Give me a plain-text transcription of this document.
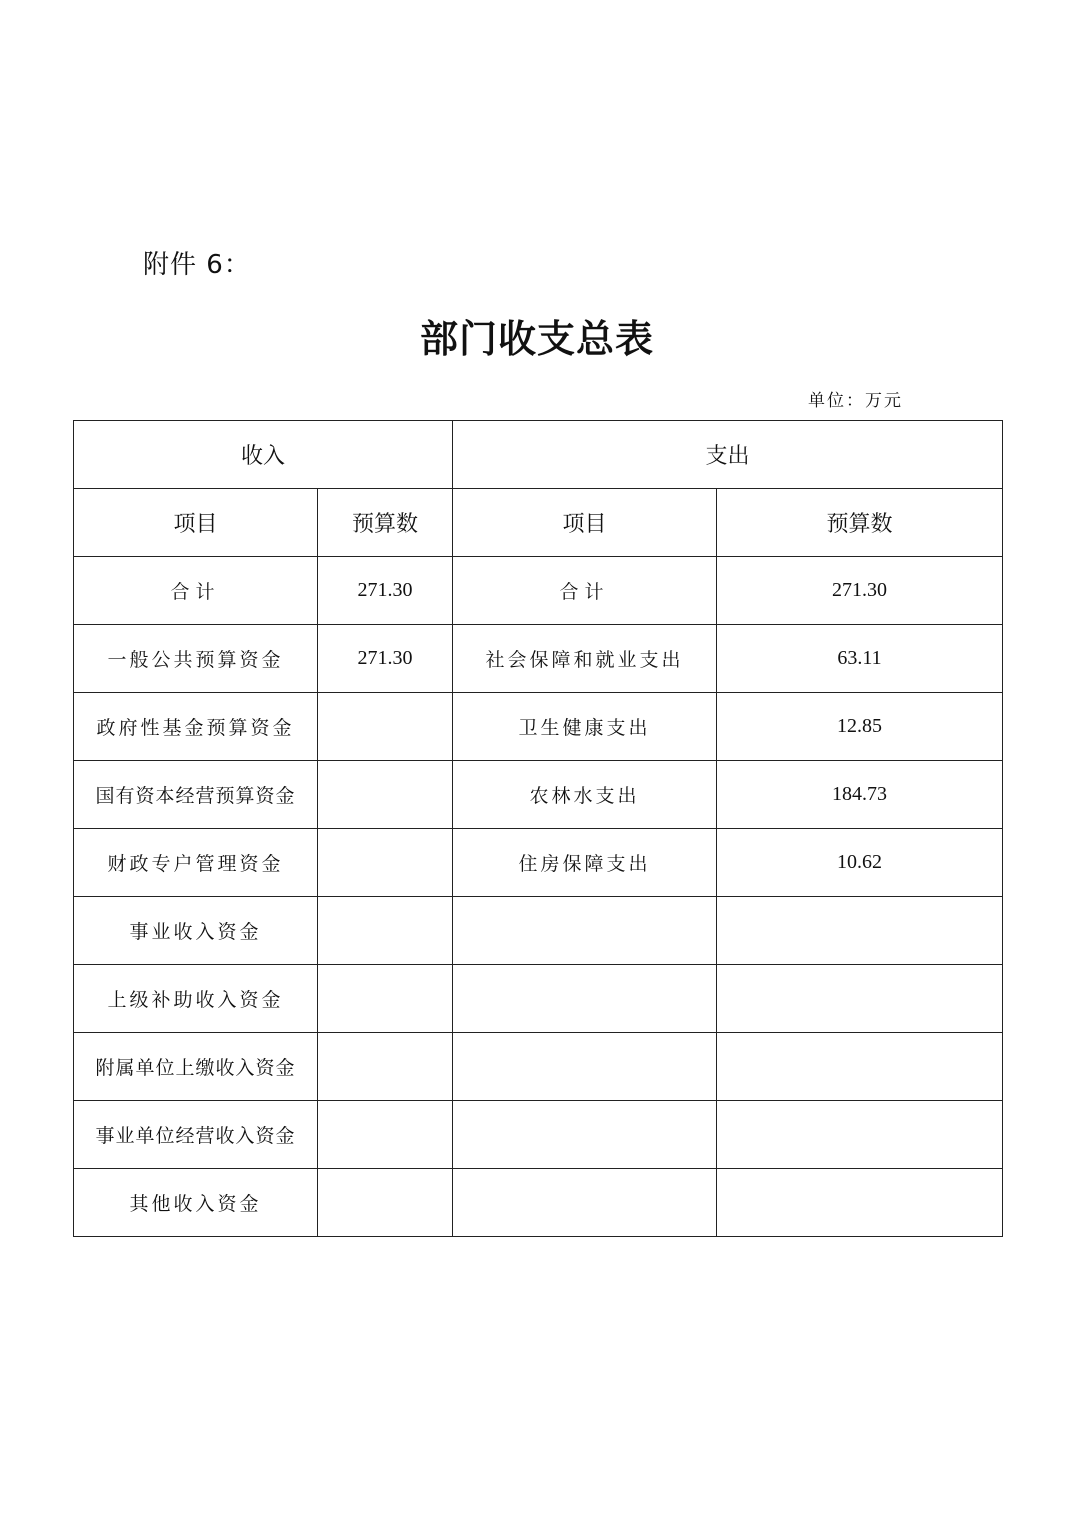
附件 6：
部门收支总表
单位：万元
收入		支出	
项目	预算数	项目	预算数
合计	271.30	合计	271.30
一般公共预算资金	271.30	社会保障和就业支出	63.11
政府性基金预算资金		卫生健康支出	12.85
国有资本经营预算资金		农林水支出	184.73
财政专户管理资金		住房保障支出	10.62
事业收入资金			
上级补助收入资金			
附属单位上缴收入资金			
事业单位经营收入资金			
其他收入资金			
